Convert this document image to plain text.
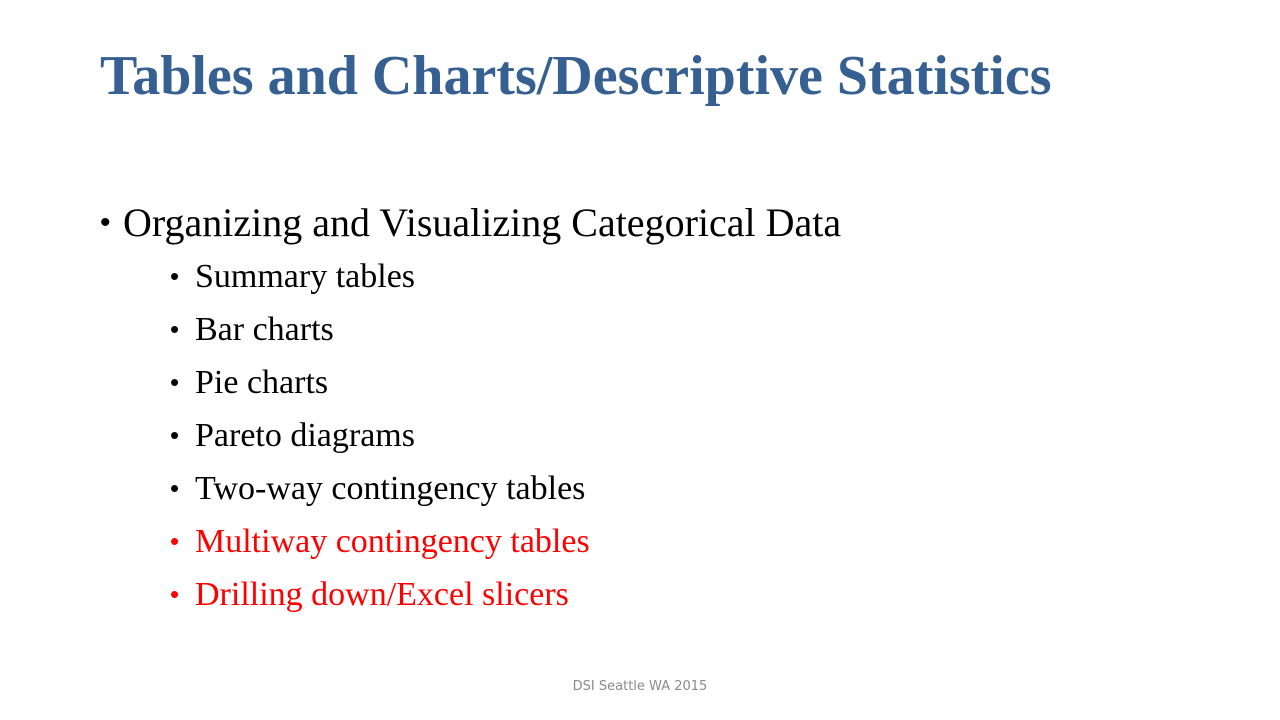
Tables and Charts/Descriptive Statistics
• Organizing and Visualizing Categorical Data
• Summary tables
• Bar charts
• Pie charts
• Pareto diagrams
• Two-way contingency tables
• Multiway contingency tables
• Drilling down/Excel slicers
DSI Seattle WA 2015
